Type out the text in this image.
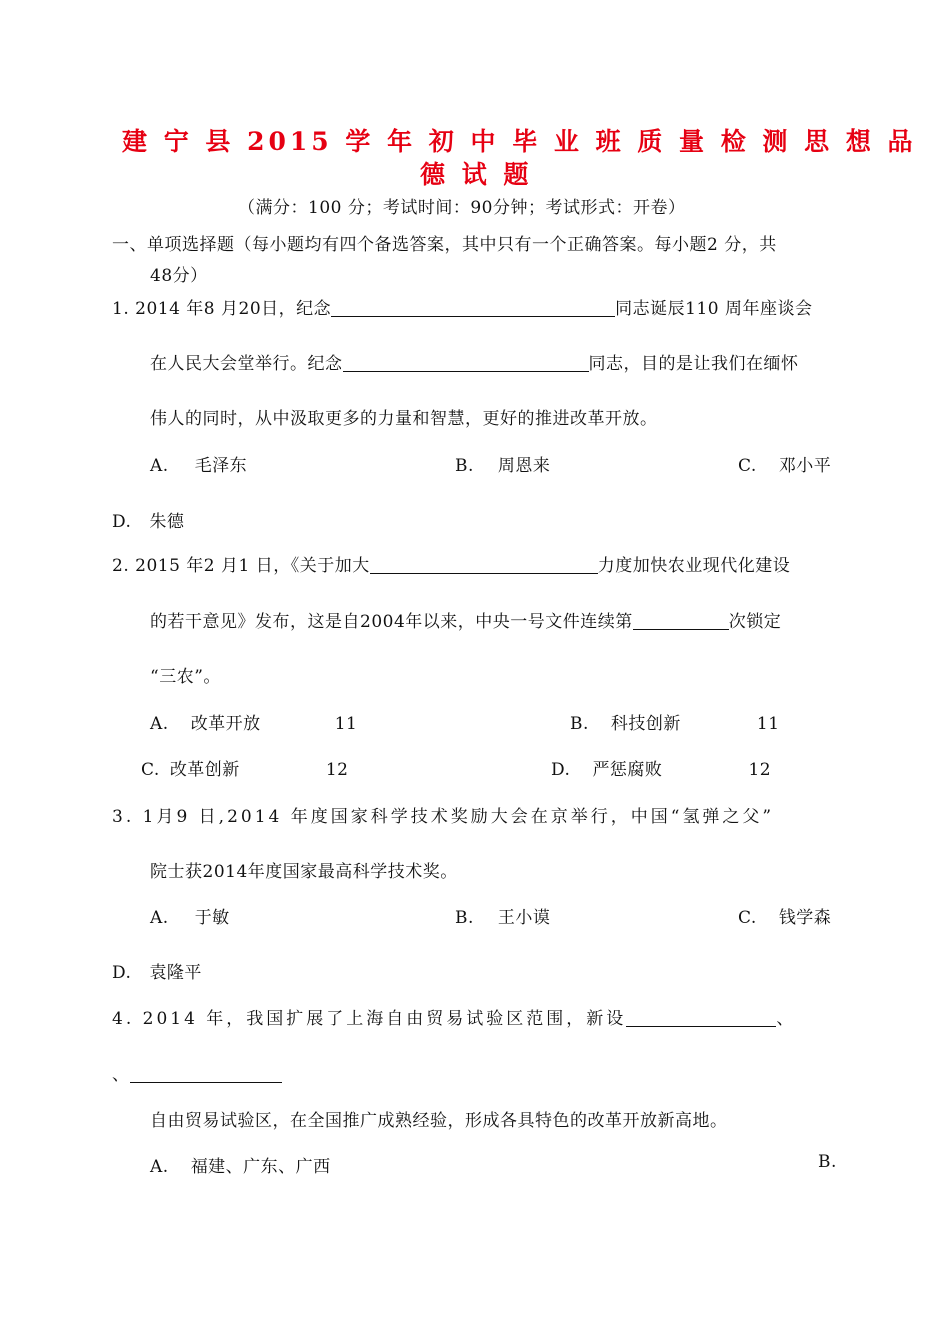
建 宁 县 2015 学 年 初 中 毕 业 班 质 量 检 测 思 想 品
德 试 题
（满分：100 分；考试时间：90分钟；考试形式：开卷）
一、单项选择题（每小题均有四个备选答案，其中只有一个正确答案。每小题2 分，共
48分）
1. 2014 年8 月20日，纪念	同志诞辰110 周年座谈会
在人民大会堂举行。纪念	同志，目的是让我们在缅怀
伟人的同时，从中汲取更多的力量和智慧，更好的推进改革开放。
A. 毛泽东	B. 周恩来	C. 邓小平
D. 朱德
2. 2015 年2 月1 日，《关于加大	力度加快农业现代化建设
的若干意见》发布，这是自2004年以来，中央一号文件连续第	次锁定
“三农”。
A. 改革开放	11	B. 科技创新	11
C. 改革创新	12	D. 严惩腐败	12
3. 1月9 日,2014 年度国家科学技术奖励大会在京举行，中国“氢弹之父”
院士获2014年度国家最高科学技术奖。
A. 于敏	B. 王小谟	C. 钱学森
D. 袁隆平
4. 2014 年，我国扩展了上海自由贸易试验区范围，新设	、
、
自由贸易试验区，在全国推广成熟经验，形成各具特色的改革开放新高地。
A. 福建、广东、广西	B.
